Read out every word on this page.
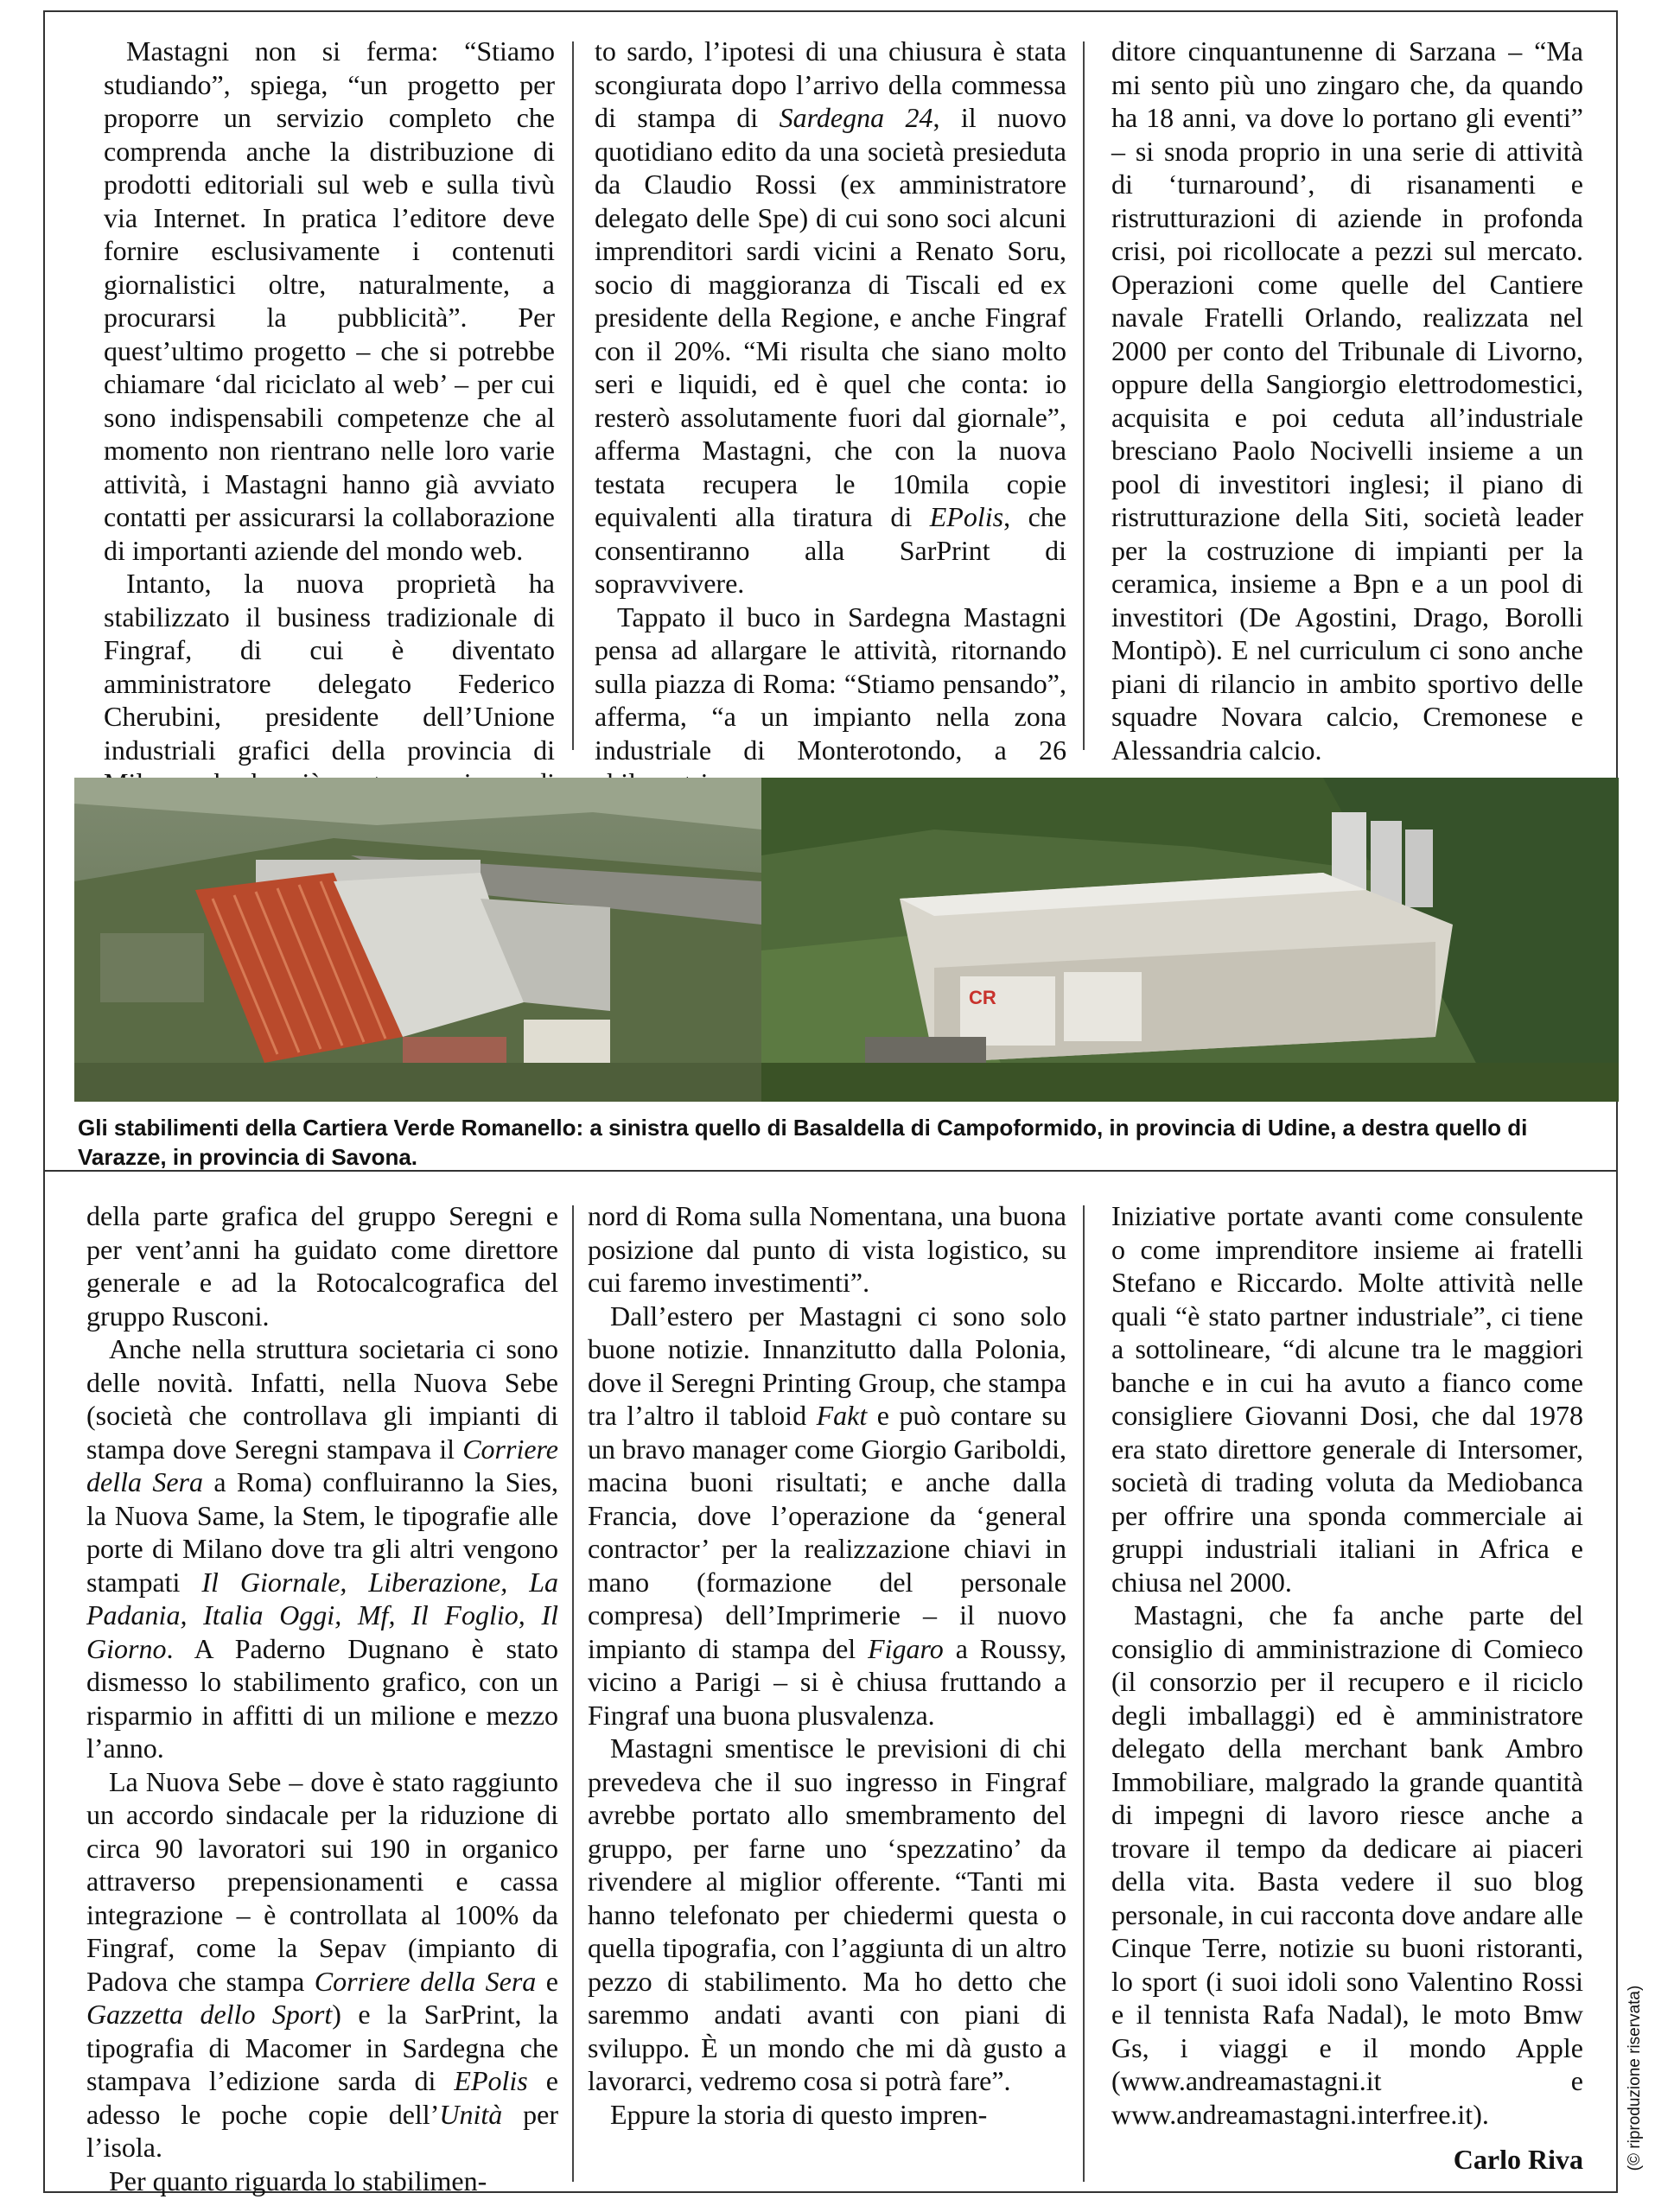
Mastagni non si ferma: “Stiamo studiando”, spiega, “un progetto per proporre un servizio completo che comprenda anche la distribuzione di prodotti editoriali sul web e sulla tivù via Internet. In pratica l’editore deve fornire esclusivamente i contenuti giornalistici oltre, naturalmente, a procurarsi la pubblicità”. Per quest’ultimo progetto – che si potrebbe chiamare ‘dal riciclato al web’ – per cui sono indispensabili competenze che al momento non rientrano nelle loro varie attività, i Mastagni hanno già avviato contatti per assicurarsi la collaborazione di importanti aziende del mondo web.

Intanto, la nuova proprietà ha stabilizzato il business tradizionale di Fingraf, di cui è diventato amministratore delegato Federico Cherubini, presidente dell’Unione industriali grafici della provincia di

to sardo, l’ipotesi di una chiusura è stata scongiurata dopo l’arrivo della commessa di stampa di Sardegna 24, il nuovo quotidiano edito da una società presieduta da Claudio Rossi (ex amministratore delegato delle Spe) di cui sono soci alcuni imprenditori sardi vicini a Renato Soru, socio di maggioranza di Tiscali ed ex presidente della Regione, e anche Fingraf con il 20%. “Mi risulta che siano molto seri e liquidi, ed è quel che conta: io resterò assolutamente fuori dal giornale”, afferma Mastagni, che con la nuova testata recupera le 10mila copie equivalenti alla tiratura di EPolis, che consentiranno alla SarPrint di sopravvivere.

Tappato il buco in Sardegna Mastagni pensa ad allargare le attività, ritornando sulla piazza di Roma: “Stiamo pensando”, afferma, “a un impianto nella zona industriale di Monterotondo, a 26

ditore cinquantunenne di Sarzana – “Ma mi sento più uno zingaro che, da quando ha 18 anni, va dove lo portano gli eventi” – si snoda proprio in una serie di attività di ‘turnaround’, di risanamenti e ristrutturazioni di aziende in profonda crisi, poi ricollocate a pezzi sul mercato. Operazioni come quelle del Cantiere navale Fratelli Orlando, realizzata nel 2000 per conto del Tribunale di Livorno, oppure della Sangiorgio elettrodomestici, acquisita e poi ceduta all’industriale bresciano Paolo Nocivelli insieme a un pool di investitori inglesi; il piano di ristrutturazione della Siti, società leader per la costruzione di impianti per la ceramica, insieme a Bpn e a un pool di investitori (De Agostini, Drago, Borolli Montipò). E nel curriculum ci sono anche piani di rilancio in ambito sportivo delle squadre Novara calcio, Cremonese e Alessandria calcio.

CR
Gli stabilimenti della Cartiera Verde Romanello: a sinistra quello di Basaldella di Campoformido, in provincia di Udine, a destra quello di Varazze, in provincia di Savona.

della parte grafica del gruppo Seregni e per vent’anni ha guidato come direttore generale e ad la Rotocalcografica del gruppo Rusconi.

Anche nella struttura societaria ci sono delle novità. Infatti, nella Nuova Sebe (società che controllava gli impianti di stampa dove Seregni stampava il Corriere della Sera a Roma) confluiranno la Sies, la Nuova Same, la Stem, le tipografie alle porte di Milano dove tra gli altri vengono stampati Il Giornale, Liberazione, La Padania, Italia Oggi, Mf, Il Foglio, Il Giorno. A Paderno Dugnano è stato dismesso lo stabilimento grafico, con un risparmio in affitti di un milione e mezzo l’anno.

La Nuova Sebe – dove è stato raggiunto un accordo sindacale per la riduzione di circa 90 lavoratori sui 190 in organico attraverso prepensionamenti e cassa integrazione – è controllata al 100% da Fingraf, come la Sepav (impianto di Padova che stampa Corriere della Sera e Gazzetta dello Sport) e la SarPrint, la tipografia di Macomer in Sardegna che stampava l’edizione sarda di EPolis e adesso le poche copie dell’Unità per l’isola.

Per quanto riguarda lo stabilimen-

nord di Roma sulla Nomentana, una buona posizione dal punto di vista logistico, su cui faremo investimenti”.

Dall’estero per Mastagni ci sono solo buone notizie. Innanzitutto dalla Polonia, dove il Seregni Printing Group, che stampa tra l’altro il tabloid Fakt e può contare su un bravo manager come Giorgio Gariboldi, macina buoni risultati; e anche dalla Francia, dove l’operazione da ‘general contractor’ per la realizzazione chiavi in mano (formazione del personale compresa) dell’Imprimerie – il nuovo impianto di stampa del Figaro a Roussy, vicino a Parigi – si è chiusa fruttando a Fingraf una buona plusvalenza.

Mastagni smentisce le previsioni di chi prevedeva che il suo ingresso in Fingraf avrebbe portato allo smembramento del gruppo, per farne uno ‘spezzatino’ da rivendere al miglior offerente. “Tanti mi hanno telefonato per chiedermi questa o quella tipografia, con l’aggiunta di un altro pezzo di stabilimento. Ma ho detto che saremmo andati avanti con piani di sviluppo. È un mondo che mi dà gusto a lavorarci, vedremo cosa si potrà fare”.

Eppure la storia di questo impren-

Iniziative portate avanti come consulente o come imprenditore insieme ai fratelli Stefano e Riccardo. Molte attività nelle quali “è stato partner industriale”, ci tiene a sottolineare, “di alcune tra le maggiori banche e in cui ha avuto a fianco come consigliere Giovanni Dosi, che dal 1978 era stato direttore generale di Intersomer, società di trading voluta da Mediobanca per offrire una sponda commerciale ai gruppi industriali italiani in Africa e chiusa nel 2000.

Mastagni, che fa anche parte del consiglio di amministrazione di Comieco (il consorzio per il recupero e il riciclo degli imballaggi) ed è amministratore delegato della merchant bank Ambro Immobiliare, malgrado la grande quantità di impegni di lavoro riesce anche a trovare il tempo da dedicare ai piaceri della vita. Basta vedere il suo blog personale, in cui racconta dove andare alle Cinque Terre, notizie su buoni ristoranti, lo sport (i suoi idoli sono Valentino Rossi e il tennista Rafa Nadal), le moto Bmw Gs, i viaggi e il mondo Apple (www.andreamastagni.it e www.andreamastagni.interfree.it).

Carlo Riva	(© riproduzione riservata)
